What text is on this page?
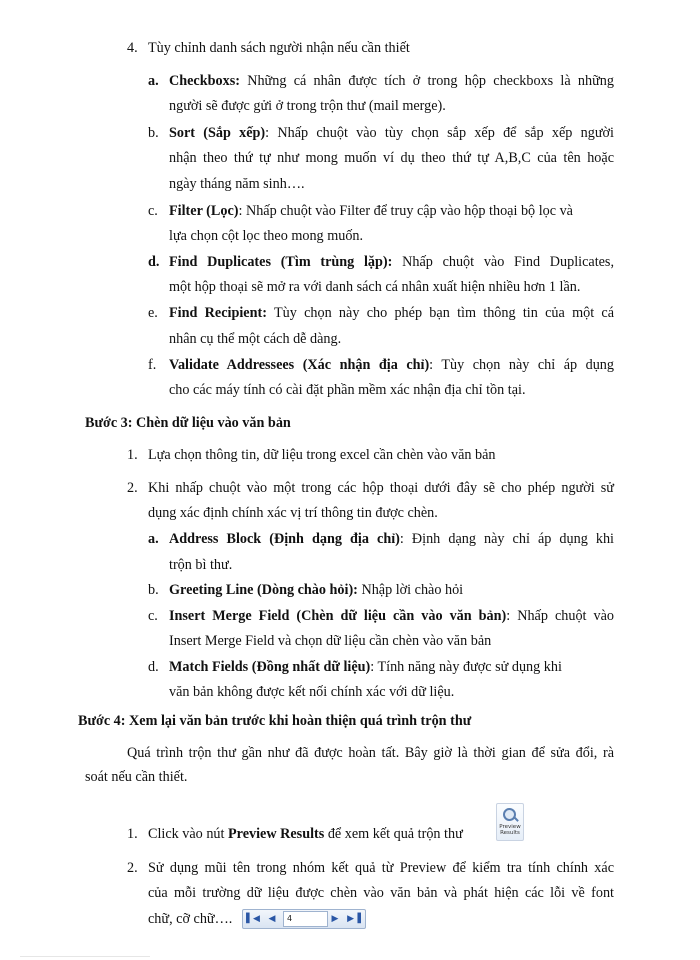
4. Tùy chỉnh danh sách người nhận nếu cần thiết
a. Checkboxs: Những cá nhân được tích ở trong hộp checkboxs là những
người sẽ được gửi ở trong trộn thư (mail merge).
b. Sort (Sắp xếp): Nhấp chuột vào tùy chọn sắp xếp để sắp xếp người
nhận theo thứ tự như mong muốn ví dụ theo thứ tự A,B,C của tên hoặc
ngày tháng năm sinh….
c. Filter (Lọc): Nhấp chuột vào Filter để truy cập vào hộp thoại bộ lọc và
lựa chọn cột lọc theo mong muốn.
d. Find Duplicates (Tìm trùng lặp): Nhấp chuột vào Find Duplicates,
một hộp thoại sẽ mở ra với danh sách cá nhân xuất hiện nhiều hơn 1 lần.
e. Find Recipient: Tùy chọn này cho phép bạn tìm thông tin của một cá
nhân cụ thể một cách dễ dàng.
f. Validate Addressees (Xác nhận địa chỉ): Tùy chọn này chỉ áp dụng
cho các máy tính có cài đặt phần mềm xác nhận địa chỉ tồn tại.
Bước 3: Chèn dữ liệu vào văn bản
1. Lựa chọn thông tin, dữ liệu trong excel cần chèn vào văn bản
2. Khi nhấp chuột vào một trong các hộp thoại dưới đây sẽ cho phép người sử
dụng xác định chính xác vị trí thông tin được chèn.
a. Address Block (Định dạng địa chỉ): Định dạng này chỉ áp dụng khi
trộn bì thư.
b. Greeting Line (Dòng chào hỏi): Nhập lời chào hỏi
c. Insert Merge Field (Chèn dữ liệu cần vào văn bản): Nhấp chuột vào
Insert Merge Field và chọn dữ liệu cần chèn vào văn bản
d. Match Fields (Đồng nhất dữ liệu): Tính năng này được sử dụng khi
văn bản không được kết nối chính xác với dữ liệu.
Bước 4: Xem lại văn bản trước khi hoàn thiện quá trình trộn thư
Quá trình trộn thư gần như đã được hoàn tất. Bây giờ là thời gian để sửa đổi, rà
soát nếu cần thiết.
1. Click vào nút Preview Results để xem kết quả trộn thư	Preview Results
2. Sử dụng mũi tên trong nhóm kết quả từ Preview để kiểm tra tính chính xác
của mỗi trường dữ liệu được chèn vào văn bản và phát hiện các lỗi về font
chữ, cỡ chữ…. ▌◀ ◀	4	▶ ▶▐
